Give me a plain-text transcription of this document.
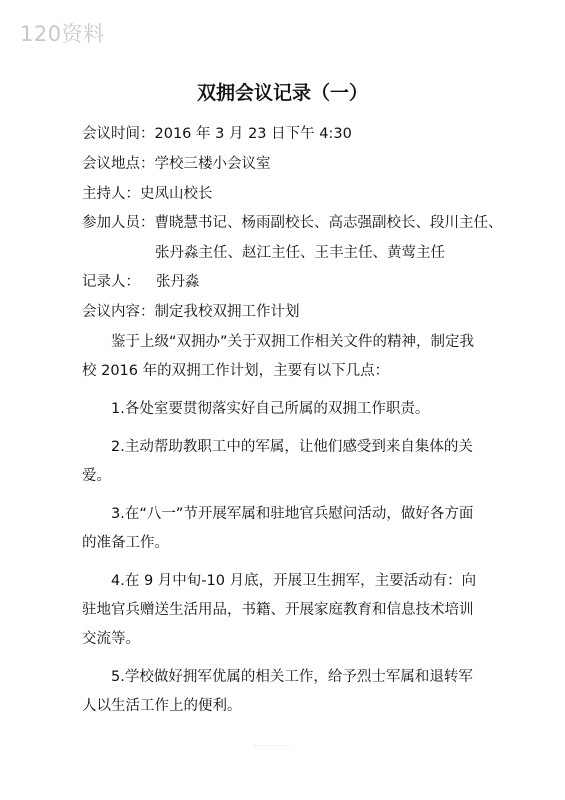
120资料
双拥会议记录（一）
会议时间：2016 年 3 月 23 日下午 4:30
会议地点：学校三楼小会议室
主持人：史凤山校长
参加人员：曹晓慧书记、杨雨副校长、高志强副校长、段川主任、
张丹淼主任、赵江主任、王丰主任、黄莺主任
记录人： 张丹淼
会议内容：制定我校双拥工作计划

鉴于上级“双拥办”关于双拥工作相关文件的精神，制定我校 2016 年的双拥工作计划，主要有以下几点：

1.各处室要贯彻落实好自己所属的双拥工作职责。

2.主动帮助教职工中的军属，让他们感受到来自集体的关爱。

3.在“八一”节开展军属和驻地官兵慰问活动，做好各方面的准备工作。

4.在 9 月中旬-10 月底，开展卫生拥军，主要活动有：向驻地官兵赠送生活用品，书籍、开展家庭教育和信息技术培训交流等。

5.学校做好拥军优属的相关工作，给予烈士军属和退转军人以生活工作上的便利。
